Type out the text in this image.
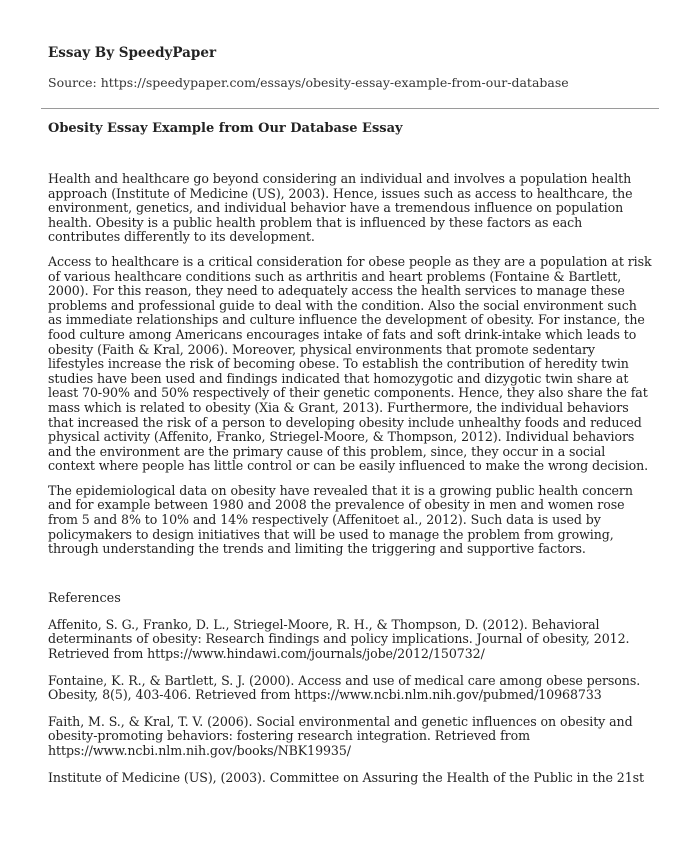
Essay By SpeedyPaper
Source: https://speedypaper.com/essays/obesity-essay-example-from-our-database
Obesity Essay Example from Our Database Essay

Health and healthcare go beyond considering an individual and involves a population health approach (Institute of Medicine (US), 2003). Hence, issues such as access to healthcare, the environment, genetics, and individual behavior have a tremendous influence on population health. Obesity is a public health problem that is influenced by these factors as each contributes differently to its development.

Access to healthcare is a critical consideration for obese people as they are a population at risk of various healthcare conditions such as arthritis and heart problems (Fontaine & Bartlett, 2000). For this reason, they need to adequately access the health services to manage these problems and professional guide to deal with the condition. Also the social environment such as immediate relationships and culture influence the development of obesity. For instance, the food culture among Americans encourages intake of fats and soft drink-intake which leads to obesity (Faith & Kral, 2006). Moreover, physical environments that promote sedentary lifestyles increase the risk of becoming obese. To establish the contribution of heredity twin studies have been used and findings indicated that homozygotic and dizygotic twin share at least 70-90% and 50% respectively of their genetic components. Hence, they also share the fat mass which is related to obesity (Xia & Grant, 2013). Furthermore, the individual behaviors that increased the risk of a person to developing obesity include unhealthy foods and reduced physical activity (Affenito, Franko, Striegel-Moore, & Thompson, 2012). Individual behaviors and the environment are the primary cause of this problem, since, they occur in a social context where people has little control or can be easily influenced to make the wrong decision.

The epidemiological data on obesity have revealed that it is a growing public health concern and for example between 1980 and 2008 the prevalence of obesity in men and women rose from 5 and 8% to 10% and 14% respectively (Affenitoet al., 2012). Such data is used by policymakers to design initiatives that will be used to manage the problem from growing, through understanding the trends and limiting the triggering and supportive factors.

References

Affenito, S. G., Franko, D. L., Striegel-Moore, R. H., & Thompson, D. (2012). Behavioral determinants of obesity: Research findings and policy implications. Journal of obesity, 2012. Retrieved from https://www.hindawi.com/journals/jobe/2012/150732/

Fontaine, K. R., & Bartlett, S. J. (2000). Access and use of medical care among obese persons. Obesity, 8(5), 403-406. Retrieved from https://www.ncbi.nlm.nih.gov/pubmed/10968733

Faith, M. S., & Kral, T. V. (2006). Social environmental and genetic influences on obesity and obesity-promoting behaviors: fostering research integration. Retrieved from https://www.ncbi.nlm.nih.gov/books/NBK19935/

Institute of Medicine (US), (2003). Committee on Assuring the Health of the Public in the 21st
